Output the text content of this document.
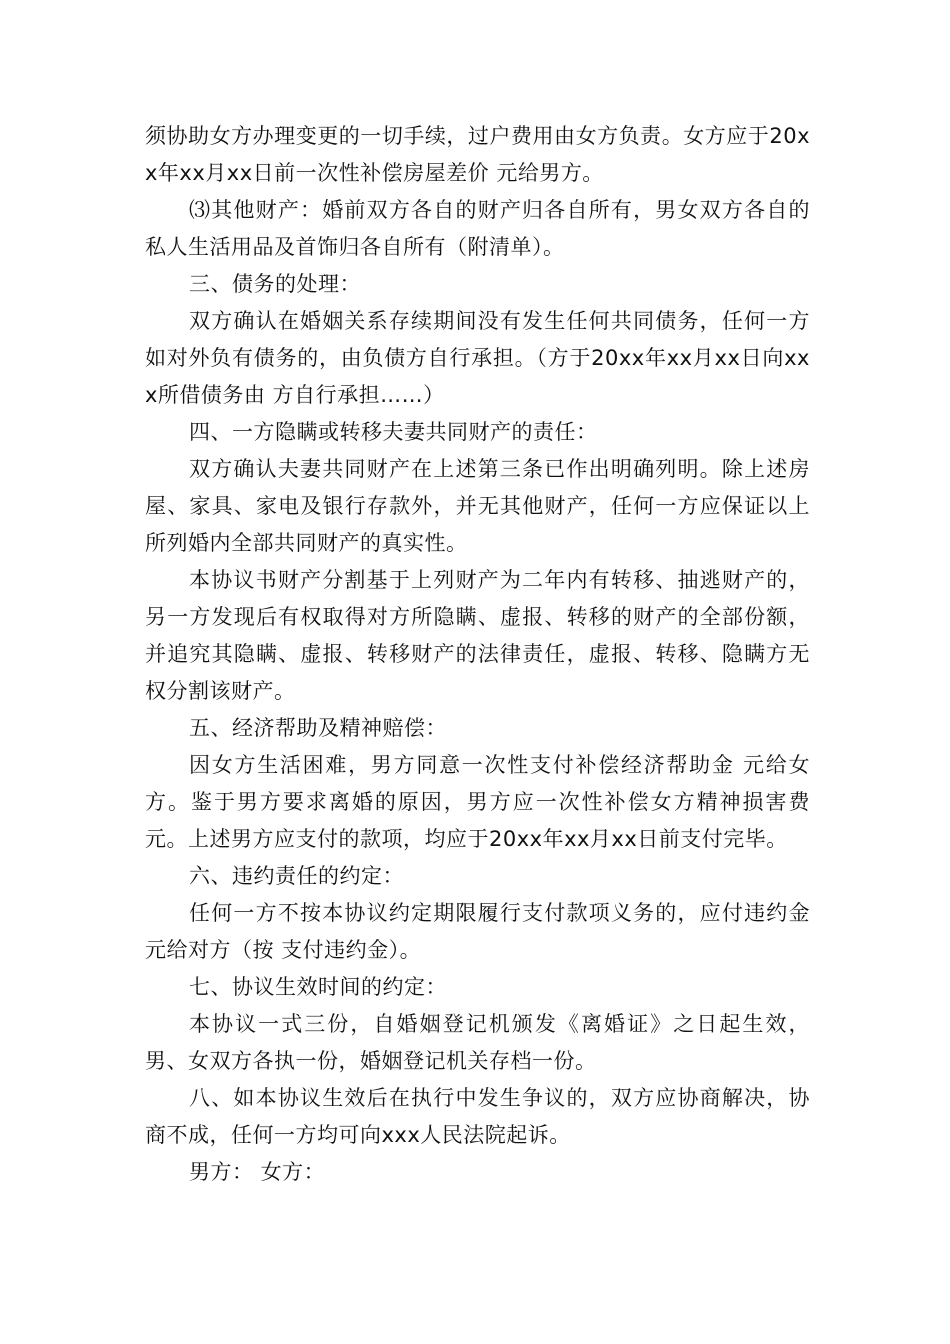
须协助女方办理变更的一切手续，过户费用由女方负责。女方应于20xx年xx月xx日前一次性补偿房屋差价 元给男方。

⑶其他财产：婚前双方各自的财产归各自所有，男女双方各自的私人生活用品及首饰归各自所有（附清单）。

三、债务的处理：

双方确认在婚姻关系存续期间没有发生任何共同债务，任何一方如对外负有债务的，由负债方自行承担。（方于20xx年xx月xx日向xxx所借债务由 方自行承担……）

四、一方隐瞒或转移夫妻共同财产的责任：

双方确认夫妻共同财产在上述第三条已作出明确列明。除上述房屋、家具、家电及银行存款外，并无其他财产，任何一方应保证以上所列婚内全部共同财产的真实性。

本协议书财产分割基于上列财产为二年内有转移、抽逃财产的，另一方发现后有权取得对方所隐瞒、虚报、转移的财产的全部份额，并追究其隐瞒、虚报、转移财产的法律责任，虚报、转移、隐瞒方无权分割该财产。

五、经济帮助及精神赔偿：

因女方生活困难，男方同意一次性支付补偿经济帮助金 元给女方。鉴于男方要求离婚的原因，男方应一次性补偿女方精神损害费 元。上述男方应支付的款项，均应于20xx年xx月xx日前支付完毕。

六、违约责任的约定：

任何一方不按本协议约定期限履行支付款项义务的，应付违约金 元给对方（按 支付违约金）。

七、协议生效时间的约定：

本协议一式三份，自婚姻登记机颁发《离婚证》之日起生效，男、女双方各执一份，婚姻登记机关存档一份。

八、如本协议生效后在执行中发生争议的，双方应协商解决，协商不成，任何一方均可向xxx人民法院起诉。

男方： 女方：
